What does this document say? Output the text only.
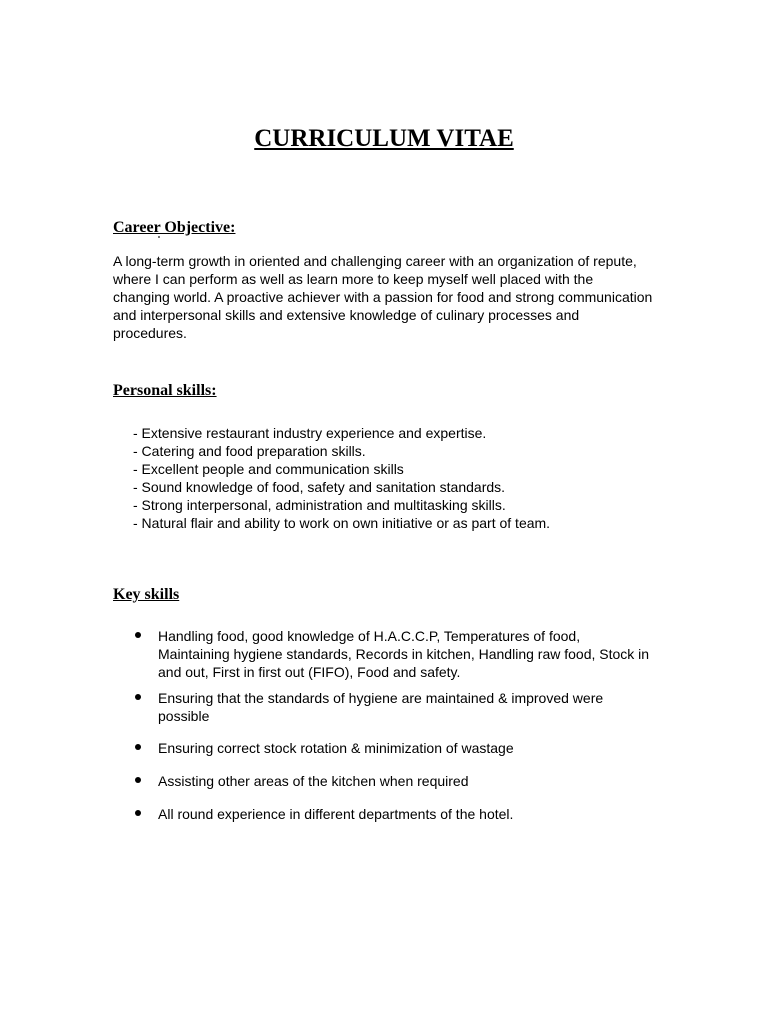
CURRICULUM VITAE
Career Objective:

A long-term growth in oriented and challenging career with an organization of repute, where I can perform as well as learn more to keep myself well placed with the changing world. A proactive achiever with a passion for food and strong communication and interpersonal skills and extensive knowledge of culinary processes and procedures.

Personal skills:
- Extensive restaurant industry experience and expertise.
- Catering and food preparation skills.
- Excellent people and communication skills
- Sound knowledge of food, safety and sanitation standards.
- Strong interpersonal, administration and multitasking skills.
- Natural flair and ability to work on own initiative or as part of team.
Key skills
Handling food, good knowledge of H.A.C.C.P, Temperatures of food, Maintaining hygiene standards, Records in kitchen, Handling raw food, Stock in and out, First in first out (FIFO), Food and safety.
Ensuring that the standards of hygiene are maintained & improved were possible
Ensuring correct stock rotation & minimization of wastage
Assisting other areas of the kitchen when required
All round experience in different departments of the hotel.
